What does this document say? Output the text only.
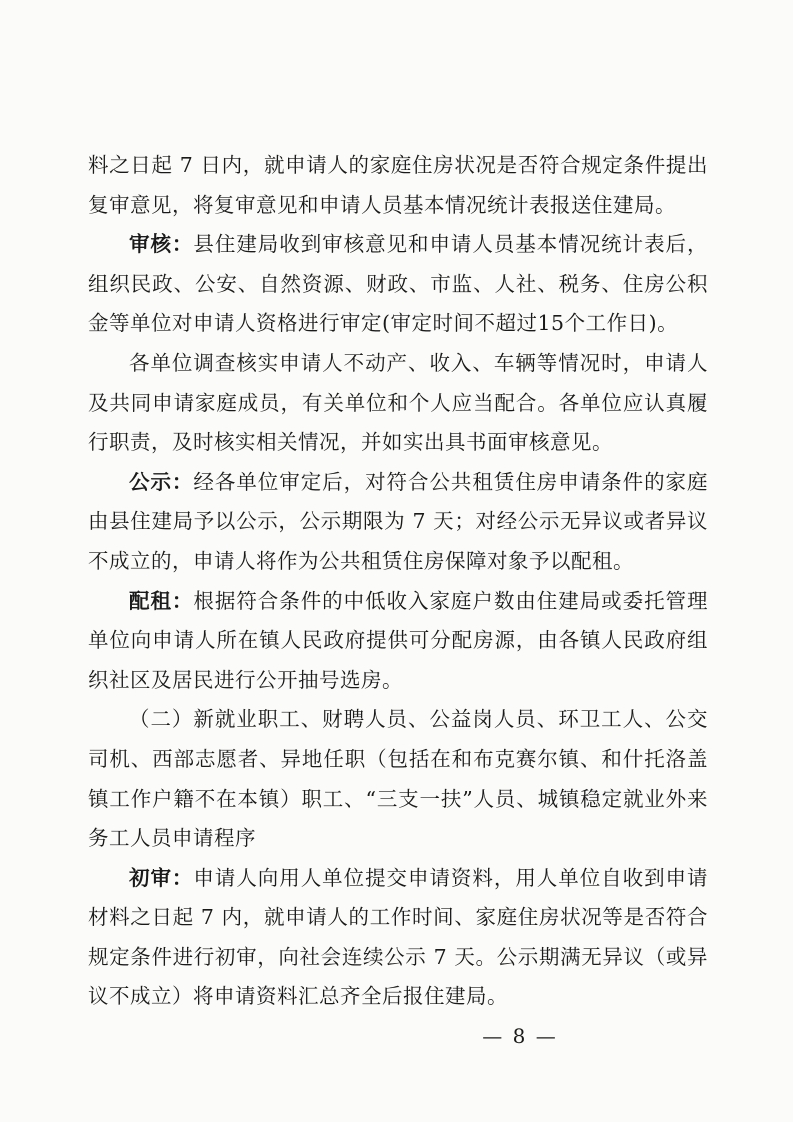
料之日起 7 日内，就申请人的家庭住房状况是否符合规定条件提出复审意见，将复审意见和申请人员基本情况统计表报送住建局。

审核：县住建局收到审核意见和申请人员基本情况统计表后，组织民政、公安、自然资源、财政、市监、人社、税务、住房公积金等单位对申请人资格进行审定(审定时间不超过15个工作日)。

各单位调查核实申请人不动产、收入、车辆等情况时，申请人及共同申请家庭成员，有关单位和个人应当配合。各单位应认真履行职责，及时核实相关情况，并如实出具书面审核意见。

公示：经各单位审定后，对符合公共租赁住房申请条件的家庭由县住建局予以公示，公示期限为 7 天；对经公示无异议或者异议不成立的，申请人将作为公共租赁住房保障对象予以配租。

配租：根据符合条件的中低收入家庭户数由住建局或委托管理单位向申请人所在镇人民政府提供可分配房源，由各镇人民政府组织社区及居民进行公开抽号选房。

（二）新就业职工、财聘人员、公益岗人员、环卫工人、公交司机、西部志愿者、异地任职（包括在和布克赛尔镇、和什托洛盖镇工作户籍不在本镇）职工、“三支一扶”人员、城镇稳定就业外来务工人员申请程序

初审：申请人向用人单位提交申请资料，用人单位自收到申请材料之日起 7 内，就申请人的工作时间、家庭住房状况等是否符合规定条件进行初审，向社会连续公示 7 天。公示期满无异议（或异议不成立）将申请资料汇总齐全后报住建局。

— 8 —
